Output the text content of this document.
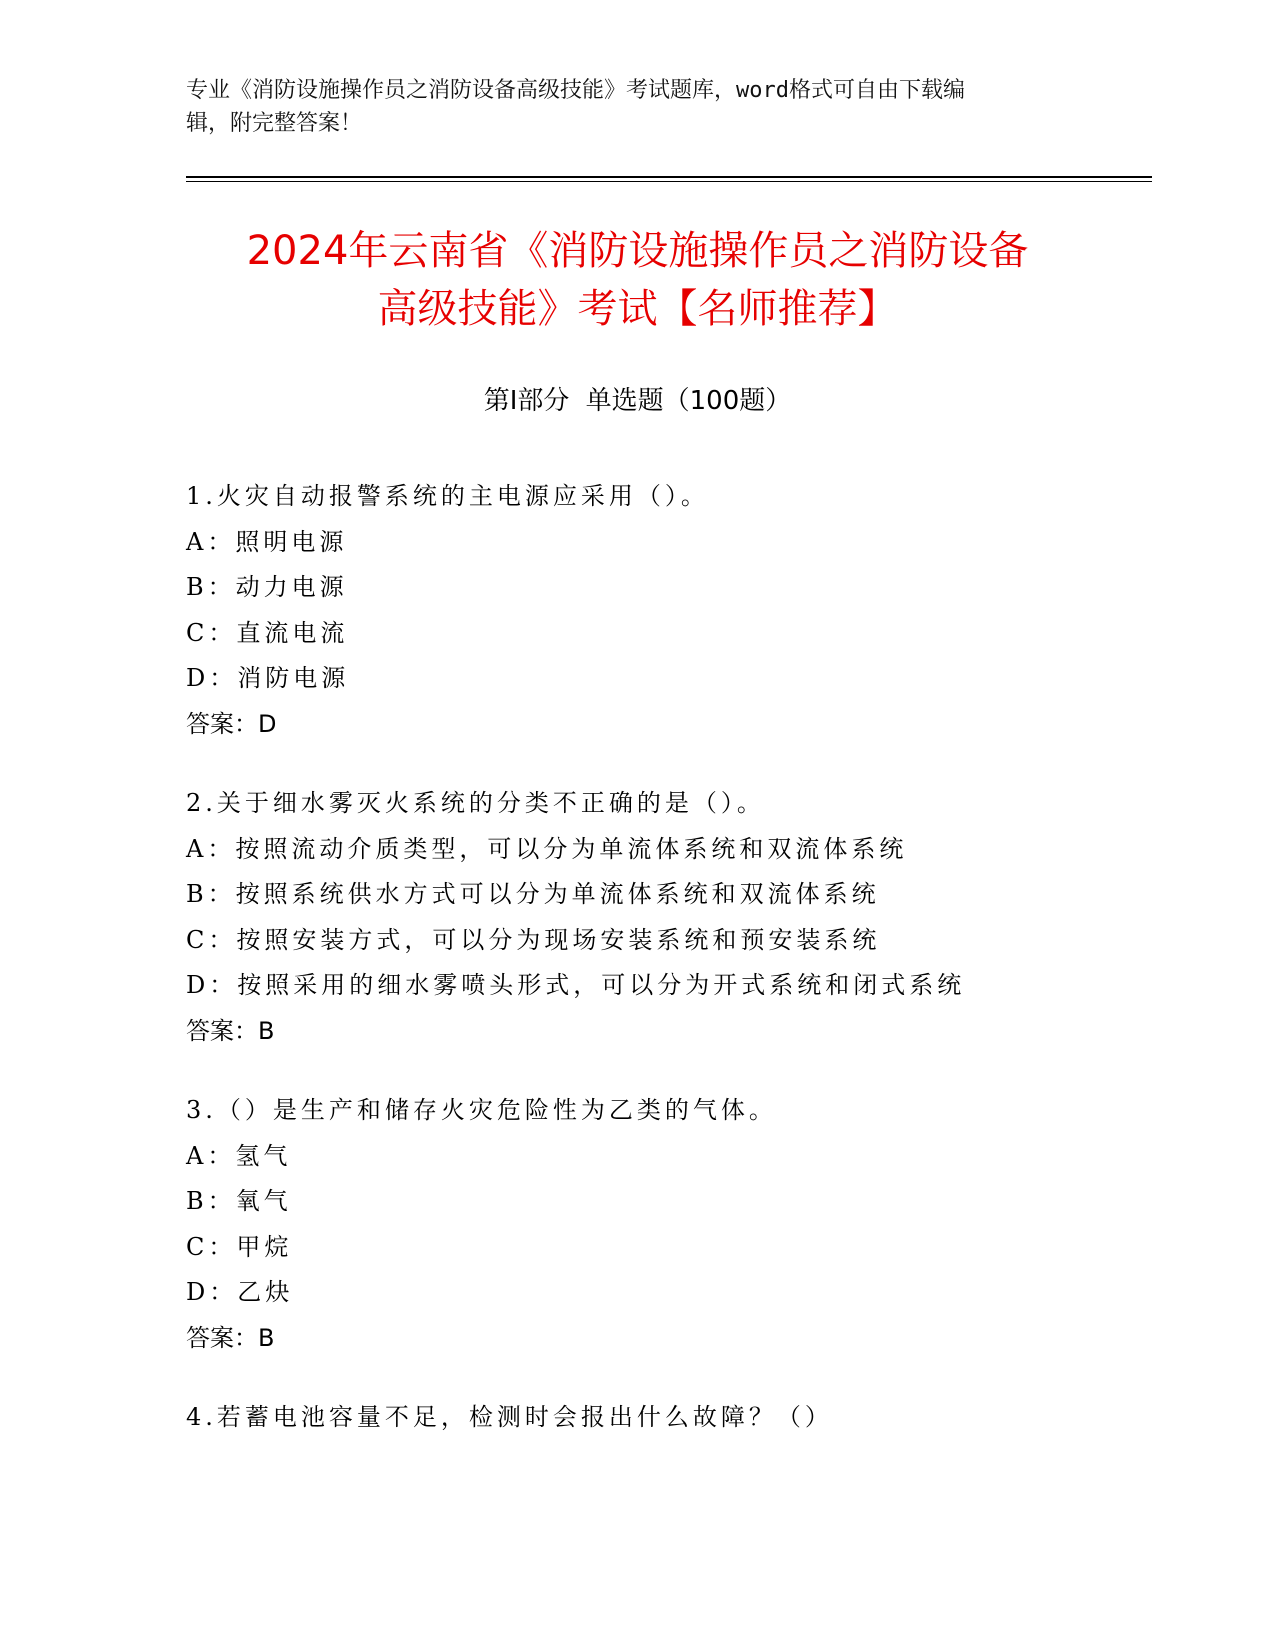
专业《消防设施操作员之消防设备高级技能》考试题库，word格式可自由下载编
辑，附完整答案！
2024年云南省《消防设施操作员之消防设备
高级技能》考试【名师推荐】
第Ⅰ部分 单选题（100题）
1.火灾自动报警系统的主电源应采用（）。
A：照明电源
B：动力电源
C：直流电流
D：消防电源
答案：D
2.关于细水雾灭火系统的分类不正确的是（）。
A：按照流动介质类型，可以分为单流体系统和双流体系统
B：按照系统供水方式可以分为单流体系统和双流体系统
C：按照安装方式，可以分为现场安装系统和预安装系统
D：按照采用的细水雾喷头形式，可以分为开式系统和闭式系统
答案：B
3.（）是生产和储存火灾危险性为乙类的气体。
A：氢气
B：氧气
C：甲烷
D：乙炔
答案：B
4.若蓄电池容量不足，检测时会报出什么故障？（）
